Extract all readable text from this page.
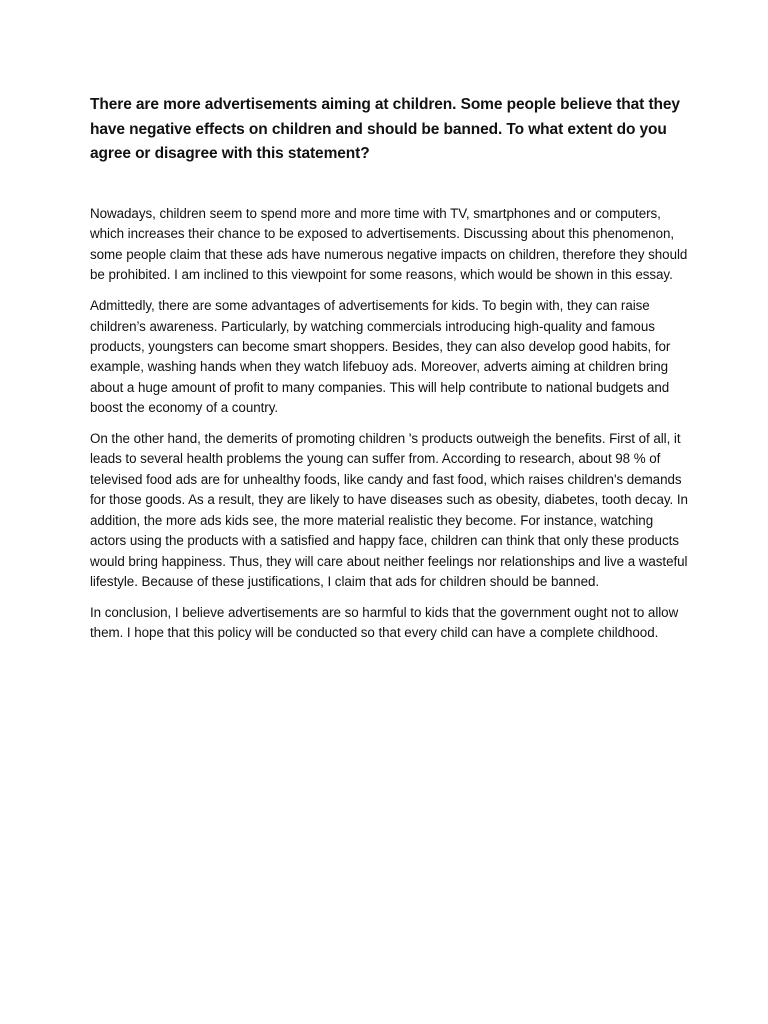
There are more advertisements aiming at children. Some people believe that they have negative effects on children and should be banned. To what extent do you agree or disagree with this statement?

Nowadays, children seem to spend more and more time with TV, smartphones and or computers, which increases their chance to be exposed to advertisements. Discussing about this phenomenon, some people claim that these ads have numerous negative impacts on children, therefore they should be prohibited. I am inclined to this viewpoint for some reasons, which would be shown in this essay.

Admittedly, there are some advantages of advertisements for kids. To begin with, they can raise children’s awareness. Particularly, by watching commercials introducing high-quality and famous products, youngsters can become smart shoppers. Besides, they can also develop good habits, for example, washing hands when they watch lifebuoy ads. Moreover, adverts aiming at children bring about a huge amount of profit to many companies. This will help contribute to national budgets and boost the economy of a country.

On the other hand, the demerits of promoting children 's products outweigh the benefits. First of all, it leads to several health problems the young can suffer from. According to research, about 98 % of televised food ads are for unhealthy foods, like candy and fast food, which raises children's demands for those goods. As a result, they are likely to have diseases such as obesity, diabetes, tooth decay. In addition, the more ads kids see, the more material realistic they become. For instance, watching actors using the products with a satisfied and happy face, children can think that only these products would bring happiness. Thus, they will care about neither feelings nor relationships and live a wasteful lifestyle. Because of these justifications, I claim that ads for children should be banned.

In conclusion, I believe advertisements are so harmful to kids that the government ought not to allow them. I hope that this policy will be conducted so that every child can have a complete childhood.
